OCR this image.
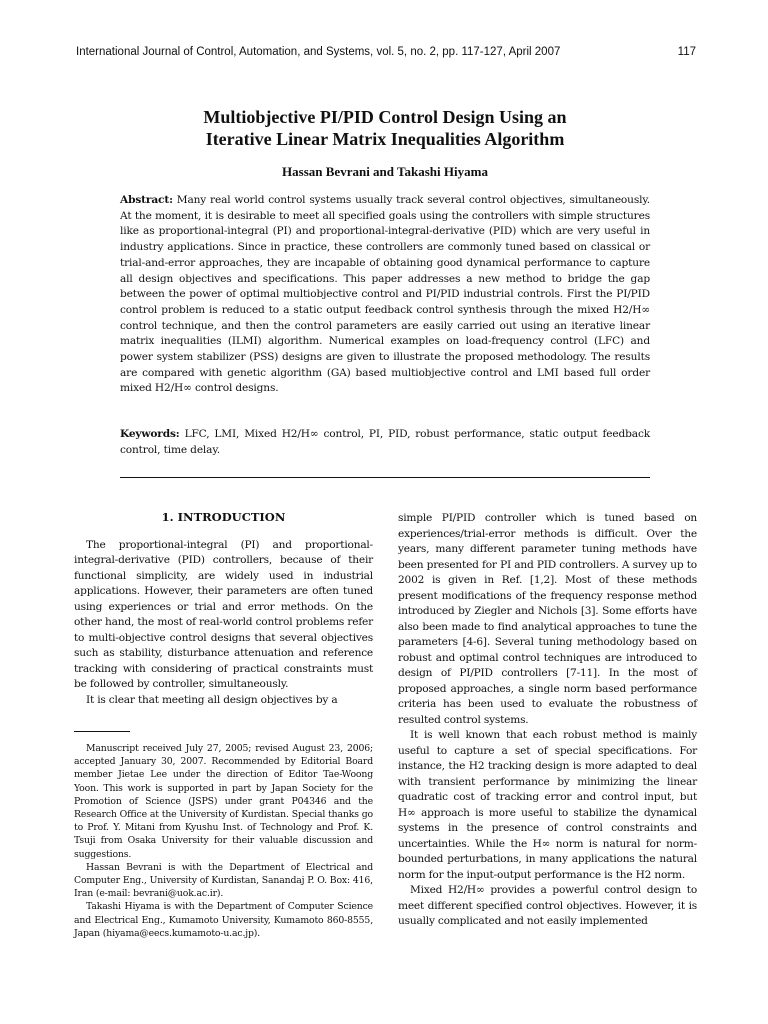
International Journal of Control, Automation, and Systems, vol. 5, no. 2, pp. 117-127, April 2007	117
Multiobjective PI/PID Control Design Using an
Iterative Linear Matrix Inequalities Algorithm
Hassan Bevrani and Takashi Hiyama
Abstract: Many real world control systems usually track several control objectives, simultaneously. At the moment, it is desirable to meet all specified goals using the controllers with simple structures like as proportional-integral (PI) and proportional-integral-derivative (PID) which are very useful in industry applications. Since in practice, these controllers are commonly tuned based on classical or trial-and-error approaches, they are incapable of obtaining good dynamical performance to capture all design objectives and specifications. This paper addresses a new method to bridge the gap between the power of optimal multiobjective control and PI/PID industrial controls. First the PI/PID control problem is reduced to a static output feedback control synthesis through the mixed H2/H∞ control technique, and then the control parameters are easily carried out using an iterative linear matrix inequalities (ILMI) algorithm. Numerical examples on load-frequency control (LFC) and power system stabilizer (PSS) designs are given to illustrate the proposed methodology. The results are compared with genetic algorithm (GA) based multiobjective control and LMI based full order mixed H2/H∞ control designs.
Keywords: LFC, LMI, Mixed H2/H∞ control, PI, PID, robust performance, static output feedback control, time delay.
1. INTRODUCTION

The proportional-integral (PI) and proportional-integral-derivative (PID) controllers, because of their functional simplicity, are widely used in industrial applications. However, their parameters are often tuned using experiences or trial and error methods. On the other hand, the most of real-world control problems refer to multi-objective control designs that several objectives such as stability, disturbance attenuation and reference tracking with considering of practical constraints must be followed by controller, simultaneously.

It is clear that meeting all design objectives by a

Manuscript received July 27, 2005; revised August 23, 2006; accepted January 30, 2007. Recommended by Editorial Board member Jietae Lee under the direction of Editor Tae-Woong Yoon. This work is supported in part by Japan Society for the Promotion of Science (JSPS) under grant P04346 and the Research Office at the University of Kurdistan. Special thanks go to Prof. Y. Mitani from Kyushu Inst. of Technology and Prof. K. Tsuji from Osaka University for their valuable discussion and suggestions.

Hassan Bevrani is with the Department of Electrical and Computer Eng., University of Kurdistan, Sanandaj P. O. Box: 416, Iran (e-mail: bevrani@uok.ac.ir).

Takashi Hiyama is with the Department of Computer Science and Electrical Eng., Kumamoto University, Kumamoto 860-8555, Japan (hiyama@eecs.kumamoto-u.ac.jp).

simple PI/PID controller which is tuned based on experiences/trial-error methods is difficult. Over the years, many different parameter tuning methods have been presented for PI and PID controllers. A survey up to 2002 is given in Ref. [1,2]. Most of these methods present modifications of the frequency response method introduced by Ziegler and Nichols [3]. Some efforts have also been made to find analytical approaches to tune the parameters [4-6]. Several tuning methodology based on robust and optimal control techniques are introduced to design of PI/PID controllers [7-11]. In the most of proposed approaches, a single norm based performance criteria has been used to evaluate the robustness of resulted control systems.

It is well known that each robust method is mainly useful to capture a set of special specifications. For instance, the H2 tracking design is more adapted to deal with transient performance by minimizing the linear quadratic cost of tracking error and control input, but H∞ approach is more useful to stabilize the dynamical systems in the presence of control constraints and uncertainties. While the H∞ norm is natural for norm-bounded perturbations, in many applications the natural norm for the input-output performance is the H2 norm.

Mixed H2/H∞ provides a powerful control design to meet different specified control objectives. However, it is usually complicated and not easily implemented
